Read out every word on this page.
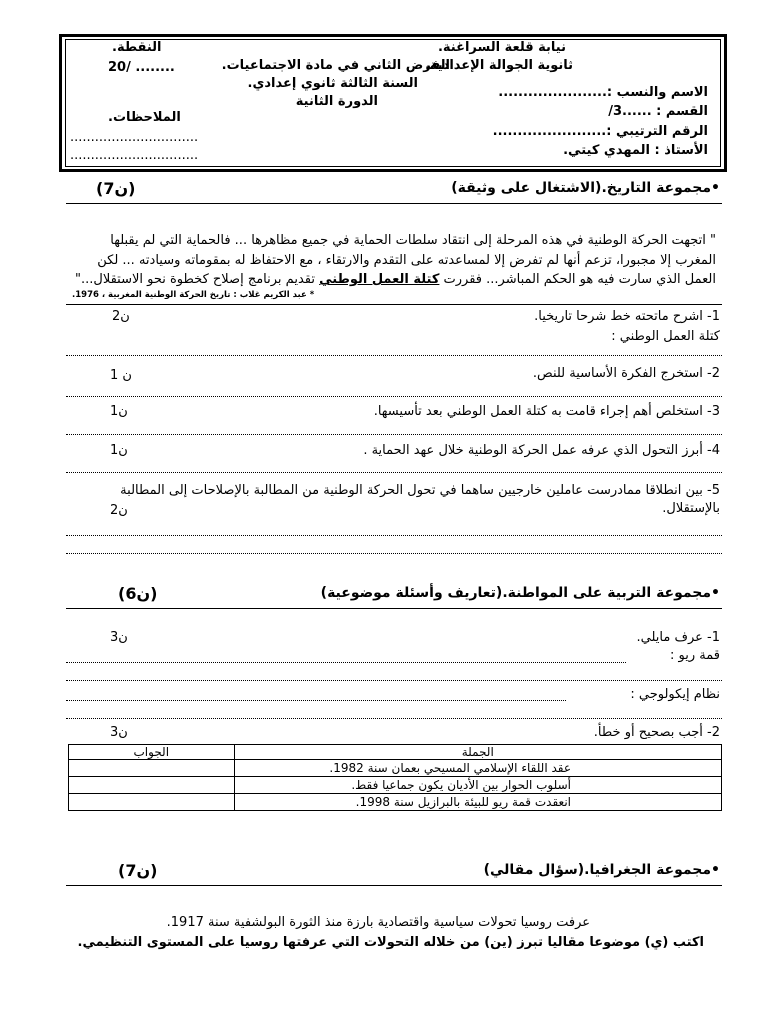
نيابة قلعة السراغنة.
ثانوية الجوالة الإعدادية.
الاسم والنسب :......................
القسم : ......3/
الرقم الترتيبي :.......................
الأستاذ : المهدي كيتي.
الفرض الثاني في مادة الاجتماعيات.
السنة الثالثة ثانوي إعدادي.
الدورة الثانية
النقطة.
20/ ........
الملاحظات.
...............................
...............................
•مجموعة التاريخ.(الاشتغال على وثيقة)
(7ن)
" اتجهت الحركة الوطنية في هذه المرحلة إلى انتقاد سلطات الحماية في جميع مظاهرها ... فالحماية التي لم يقبلها
المغرب إلا مجبورا، تزعم أنها لم تفرض إلا لمساعدته على التقدم والارتقاء ، مع الاحتفاظ له بمقوماته وسيادته ... لكن
العمل الذي سارت فيه هو الحكم المباشر... فقررت كتلة العمل الوطني تقديم برنامج إصلاح كخطوة نحو الاستقلال..."
* عبد الكريم غلاب : تاريخ الحركة الوطنية المغربية ، 1976.
1- اشرح ماتحته خط شرحا تاريخيا.
2ن
كتلة العمل الوطني :
2- استخرج الفكرة الأساسية للنص.
1 ن
3- استخلص أهم إجراء قامت به كتلة العمل الوطني بعد تأسيسها.
1ن
4- أبرز التحول الذي عرفه عمل الحركة الوطنية خلال عهد الحماية .
1ن
5- بين انطلاقا ممادرست عاملين خارجيين ساهما في تحول الحركة الوطنية من المطالبة بالإصلاحات إلى المطالبة
بالإستقلال.
2ن
•مجموعة التربية على المواطنة.(تعاريف وأسئلة موضوعية)
(6ن)
1- عرف مايلي.
3ن
قمة ريو :
نظام إيكولوجي :
2- أجب بصحيح أو خطأ.
3ن
الجملة	الجواب
عقد اللقاء الإسلامي المسيحي بعمان سنة 1982.	
أسلوب الحوار بين الأديان يكون جماعيا فقط.	
انعقدت قمة ريو للبيئة بالبرازيل سنة 1998.	
•مجموعة الجغرافيا.(سؤال مقالي)
(7ن)
عرفت روسيا تحولات سياسية واقتصادية بارزة منذ الثورة البولشفية سنة 1917.
اكتب (ي) موضوعا مقاليا تبرز (ين) من خلاله التحولات التي عرفتها روسيا على المستوى التنظيمي.
